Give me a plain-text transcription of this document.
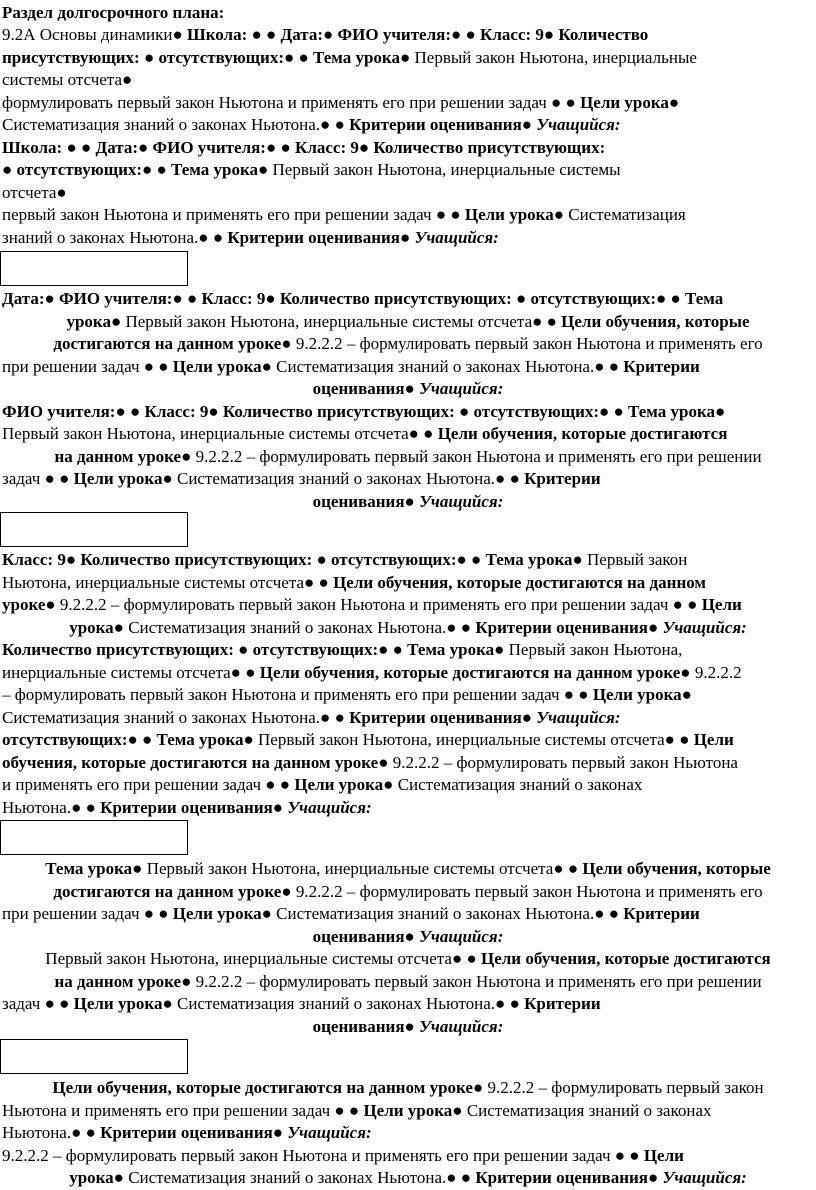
Раздел долгосрочного плана:
9.2А Основы динамики● Школа: ● ● Дата:● ФИО учителя:● ● Класс: 9● Количество
присутствующих: ● отсутствующих:● ● Тема урока● Первый закон Ньютона, инерциальные
системы отсчета●
формулировать первый закон Ньютона и применять его при решении задач ● ● Цели урока●
Систематизация знаний о законах Ньютона.● ● Критерии оценивания● Учащийся:
Школа: ● ● Дата:● ФИО учителя:● ● Класс: 9● Количество присутствующих:
● отсутствующих:● ● Тема урока● Первый закон Ньютона, инерциальные системы
отсчета●
первый закон Ньютона и применять его при решении задач ● ● Цели урока● Систематизация
знаний о законах Ньютона.● ● Критерии оценивания● Учащийся:
Дата:● ФИО учителя:● ● Класс: 9● Количество присутствующих: ● отсутствующих:● ● Тема
урока● Первый закон Ньютона, инерциальные системы отсчета● ● Цели обучения, которые
достигаются на данном уроке● 9.2.2.2 – формулировать первый закон Ньютона и применять его
при решении задач ● ● Цели урока● Систематизация знаний о законах Ньютона.● ● Критерии
оценивания● Учащийся:
ФИО учителя:● ● Класс: 9● Количество присутствующих: ● отсутствующих:● ● Тема урока●
Первый закон Ньютона, инерциальные системы отсчета● ● Цели обучения, которые достигаются
на данном уроке● 9.2.2.2 – формулировать первый закон Ньютона и применять его при решении
задач ● ● Цели урока● Систематизация знаний о законах Ньютона.● ● Критерии
оценивания● Учащийся:
Класс: 9● Количество присутствующих: ● отсутствующих:● ● Тема урока● Первый закон
Ньютона, инерциальные системы отсчета● ● Цели обучения, которые достигаются на данном
уроке● 9.2.2.2 – формулировать первый закон Ньютона и применять его при решении задач ● ● Цели
урока● Систематизация знаний о законах Ньютона.● ● Критерии оценивания● Учащийся:
Количество присутствующих: ● отсутствующих:● ● Тема урока● Первый закон Ньютона,
инерциальные системы отсчета● ● Цели обучения, которые достигаются на данном уроке● 9.2.2.2
– формулировать первый закон Ньютона и применять его при решении задач ● ● Цели урока●
Систематизация знаний о законах Ньютона.● ● Критерии оценивания● Учащийся:
отсутствующих:● ● Тема урока● Первый закон Ньютона, инерциальные системы отсчета● ● Цели
обучения, которые достигаются на данном уроке● 9.2.2.2 – формулировать первый закон Ньютона
и применять его при решении задач ● ● Цели урока● Систематизация знаний о законах
Ньютона.● ● Критерии оценивания● Учащийся:
Тема урока● Первый закон Ньютона, инерциальные системы отсчета● ● Цели обучения, которые
достигаются на данном уроке● 9.2.2.2 – формулировать первый закон Ньютона и применять его
при решении задач ● ● Цели урока● Систематизация знаний о законах Ньютона.● ● Критерии
оценивания● Учащийся:
Первый закон Ньютона, инерциальные системы отсчета● ● Цели обучения, которые достигаются
на данном уроке● 9.2.2.2 – формулировать первый закон Ньютона и применять его при решении
задач ● ● Цели урока● Систематизация знаний о законах Ньютона.● ● Критерии
оценивания● Учащийся:
Цели обучения, которые достигаются на данном уроке● 9.2.2.2 – формулировать первый закон
Ньютона и применять его при решении задач ● ● Цели урока● Систематизация знаний о законах
Ньютона.● ● Критерии оценивания● Учащийся:
9.2.2.2 – формулировать первый закон Ньютона и применять его при решении задач ● ● Цели
урока● Систематизация знаний о законах Ньютона.● ● Критерии оценивания● Учащийся:
